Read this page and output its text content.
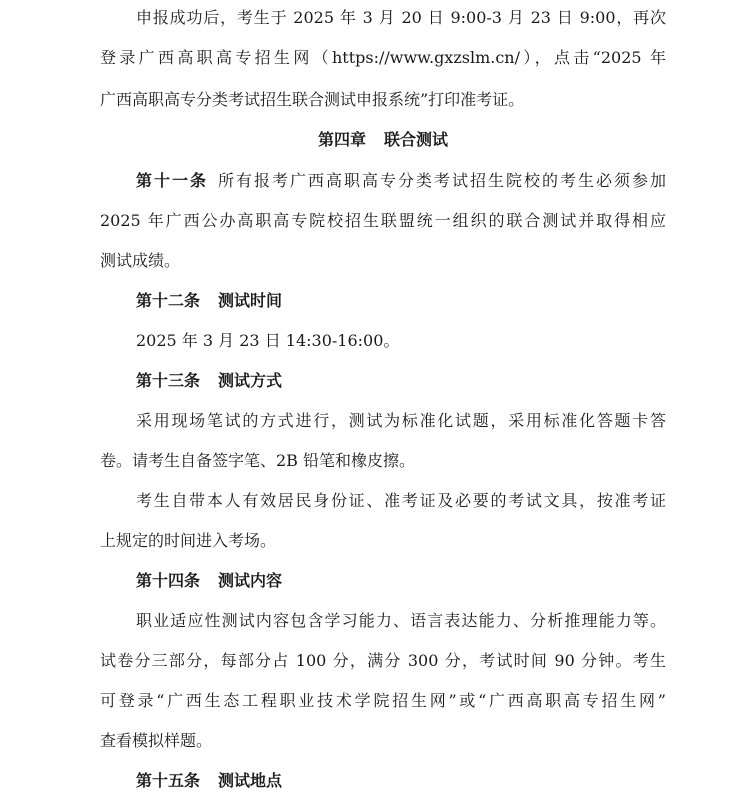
申报成功后，考生于 2025 年 3 月 20 日 9:00-3 月 23 日 9:00，再次
登录广西高职高专招生网（https://www.gxzslm.cn/），点击“2025 年
广西高职高专分类考试招生联合测试申报系统”打印准考证。
第四章 联合测试
第十一条 所有报考广西高职高专分类考试招生院校的考生必须参加
2025 年广西公办高职高专院校招生联盟统一组织的联合测试并取得相应
测试成绩。
第十二条 测试时间
2025 年 3 月 23 日 14:30-16:00。
第十三条 测试方式
采用现场笔试的方式进行，测试为标准化试题，采用标准化答题卡答
卷。请考生自备签字笔、2B 铅笔和橡皮擦。
考生自带本人有效居民身份证、准考证及必要的考试文具，按准考证
上规定的时间进入考场。
第十四条 测试内容
职业适应性测试内容包含学习能力、语言表达能力、分析推理能力等。
试卷分三部分，每部分占 100 分，满分 300 分，考试时间 90 分钟。考生
可登录“广西生态工程职业技术学院招生网”或“广西高职高专招生网”
查看模拟样题。
第十五条 测试地点
